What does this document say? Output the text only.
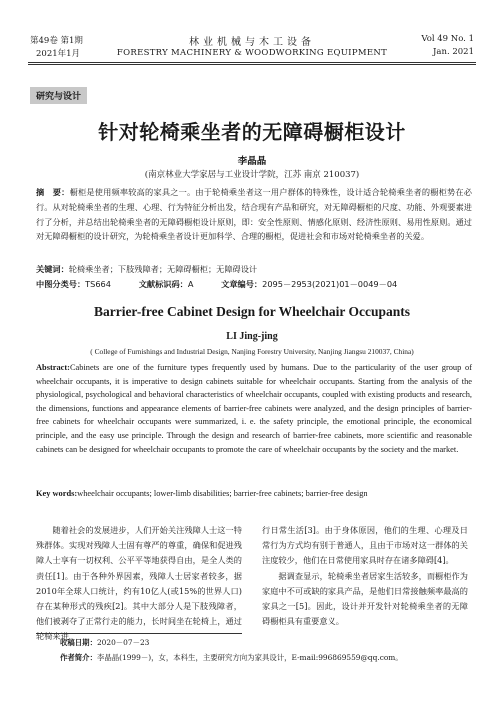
第49卷 第1期
2021年1月
林业机械与木工设备
FORESTRY MACHINERY & WOODWORKING EQUIPMENT
Vol 49 No. 1
Jan. 2021
研究与设计
针对轮椅乘坐者的无障碍橱柜设计
李晶晶
(南京林业大学家居与工业设计学院，江苏 南京 210037)
摘　要：橱柜是使用频率较高的家具之一。由于轮椅乘坐者这一用户群体的特殊性，设计适合轮椅乘坐者的橱柜势在必行。从对轮椅乘坐者的生理、心理、行为特征分析出发，结合现有产品和研究，对无障碍橱柜的尺度、功能、外观要素进行了分析，并总结出轮椅乘坐者的无障碍橱柜设计原则，即：安全性原则、情感化原则、经济性原则、易用性原则。通过对无障碍橱柜的设计研究，为轮椅乘坐者设计更加科学、合理的橱柜，促进社会和市场对轮椅乘坐者的关爱。
关键词：轮椅乘坐者；下肢残障者；无障碍橱柜；无障碍设计
中图分类号：TS664	文献标识码：A	文章编号：2095－2953(2021)01－0049－04
Barrier-free Cabinet Design for Wheelchair Occupants
LI Jing-jing
( College of Furnishings and Industrial Design, Nanjing Forestry University, Nanjing Jiangsu 210037, China)
Abstract:Cabinets are one of the furniture types frequently used by humans. Due to the particularity of the user group of wheelchair occupants, it is imperative to design cabinets suitable for wheelchair occupants. Starting from the analysis of the physiological, psychological and behavioral characteristics of wheelchair occupants, coupled with existing products and research, the dimensions, functions and appearance elements of barrier-free cabinets were analyzed, and the design principles of barrier-free cabinets for wheelchair occupants were summarized, i. e. the safety principle, the emotional principle, the economical principle, and the easy use principle. Through the design and research of barrier-free cabinets, more scientific and reasonable cabinets can be designed for wheelchair occupants to promote the care of wheelchair occupants by the society and the market.
Key words:wheelchair occupants; lower-limb disabilities; barrier-free cabinets; barrier-free design
随着社会的发展进步，人们开始关注残障人士这一特殊群体。实现对残障人士固有尊严的尊重，确保和促进残障人士享有一切权利、公平平等地获得自由，是全人类的责任[1]。由于各种外界因素，残障人士居家者较多，据2010年全球人口统计，约有10亿人(或15%的世界人口)存在某种形式的残疾[2]。其中大部分人是下肢残障者，他们被剥夺了正常行走的能力，长时间坐在轮椅上，通过轮椅来进

行日常生活[3]。由于身体原因，他们的生理、心理及日常行为方式均有别于普通人，且由于市场对这一群体的关注度较少，他们在日常使用家具时存在诸多障碍[4]。

据调查显示，轮椅乘坐者居家生活较多，而橱柜作为家庭中不可或缺的家具产品，是他们日常接触频率最高的家具之一[5]。因此，设计并开发针对轮椅乘坐者的无障碍橱柜具有重要意义。

收稿日期：2020－07－23
作者简介：李晶晶(1999－)，女，本科生，主要研究方向为家具设计，E-mail:996869559@qq.com。
